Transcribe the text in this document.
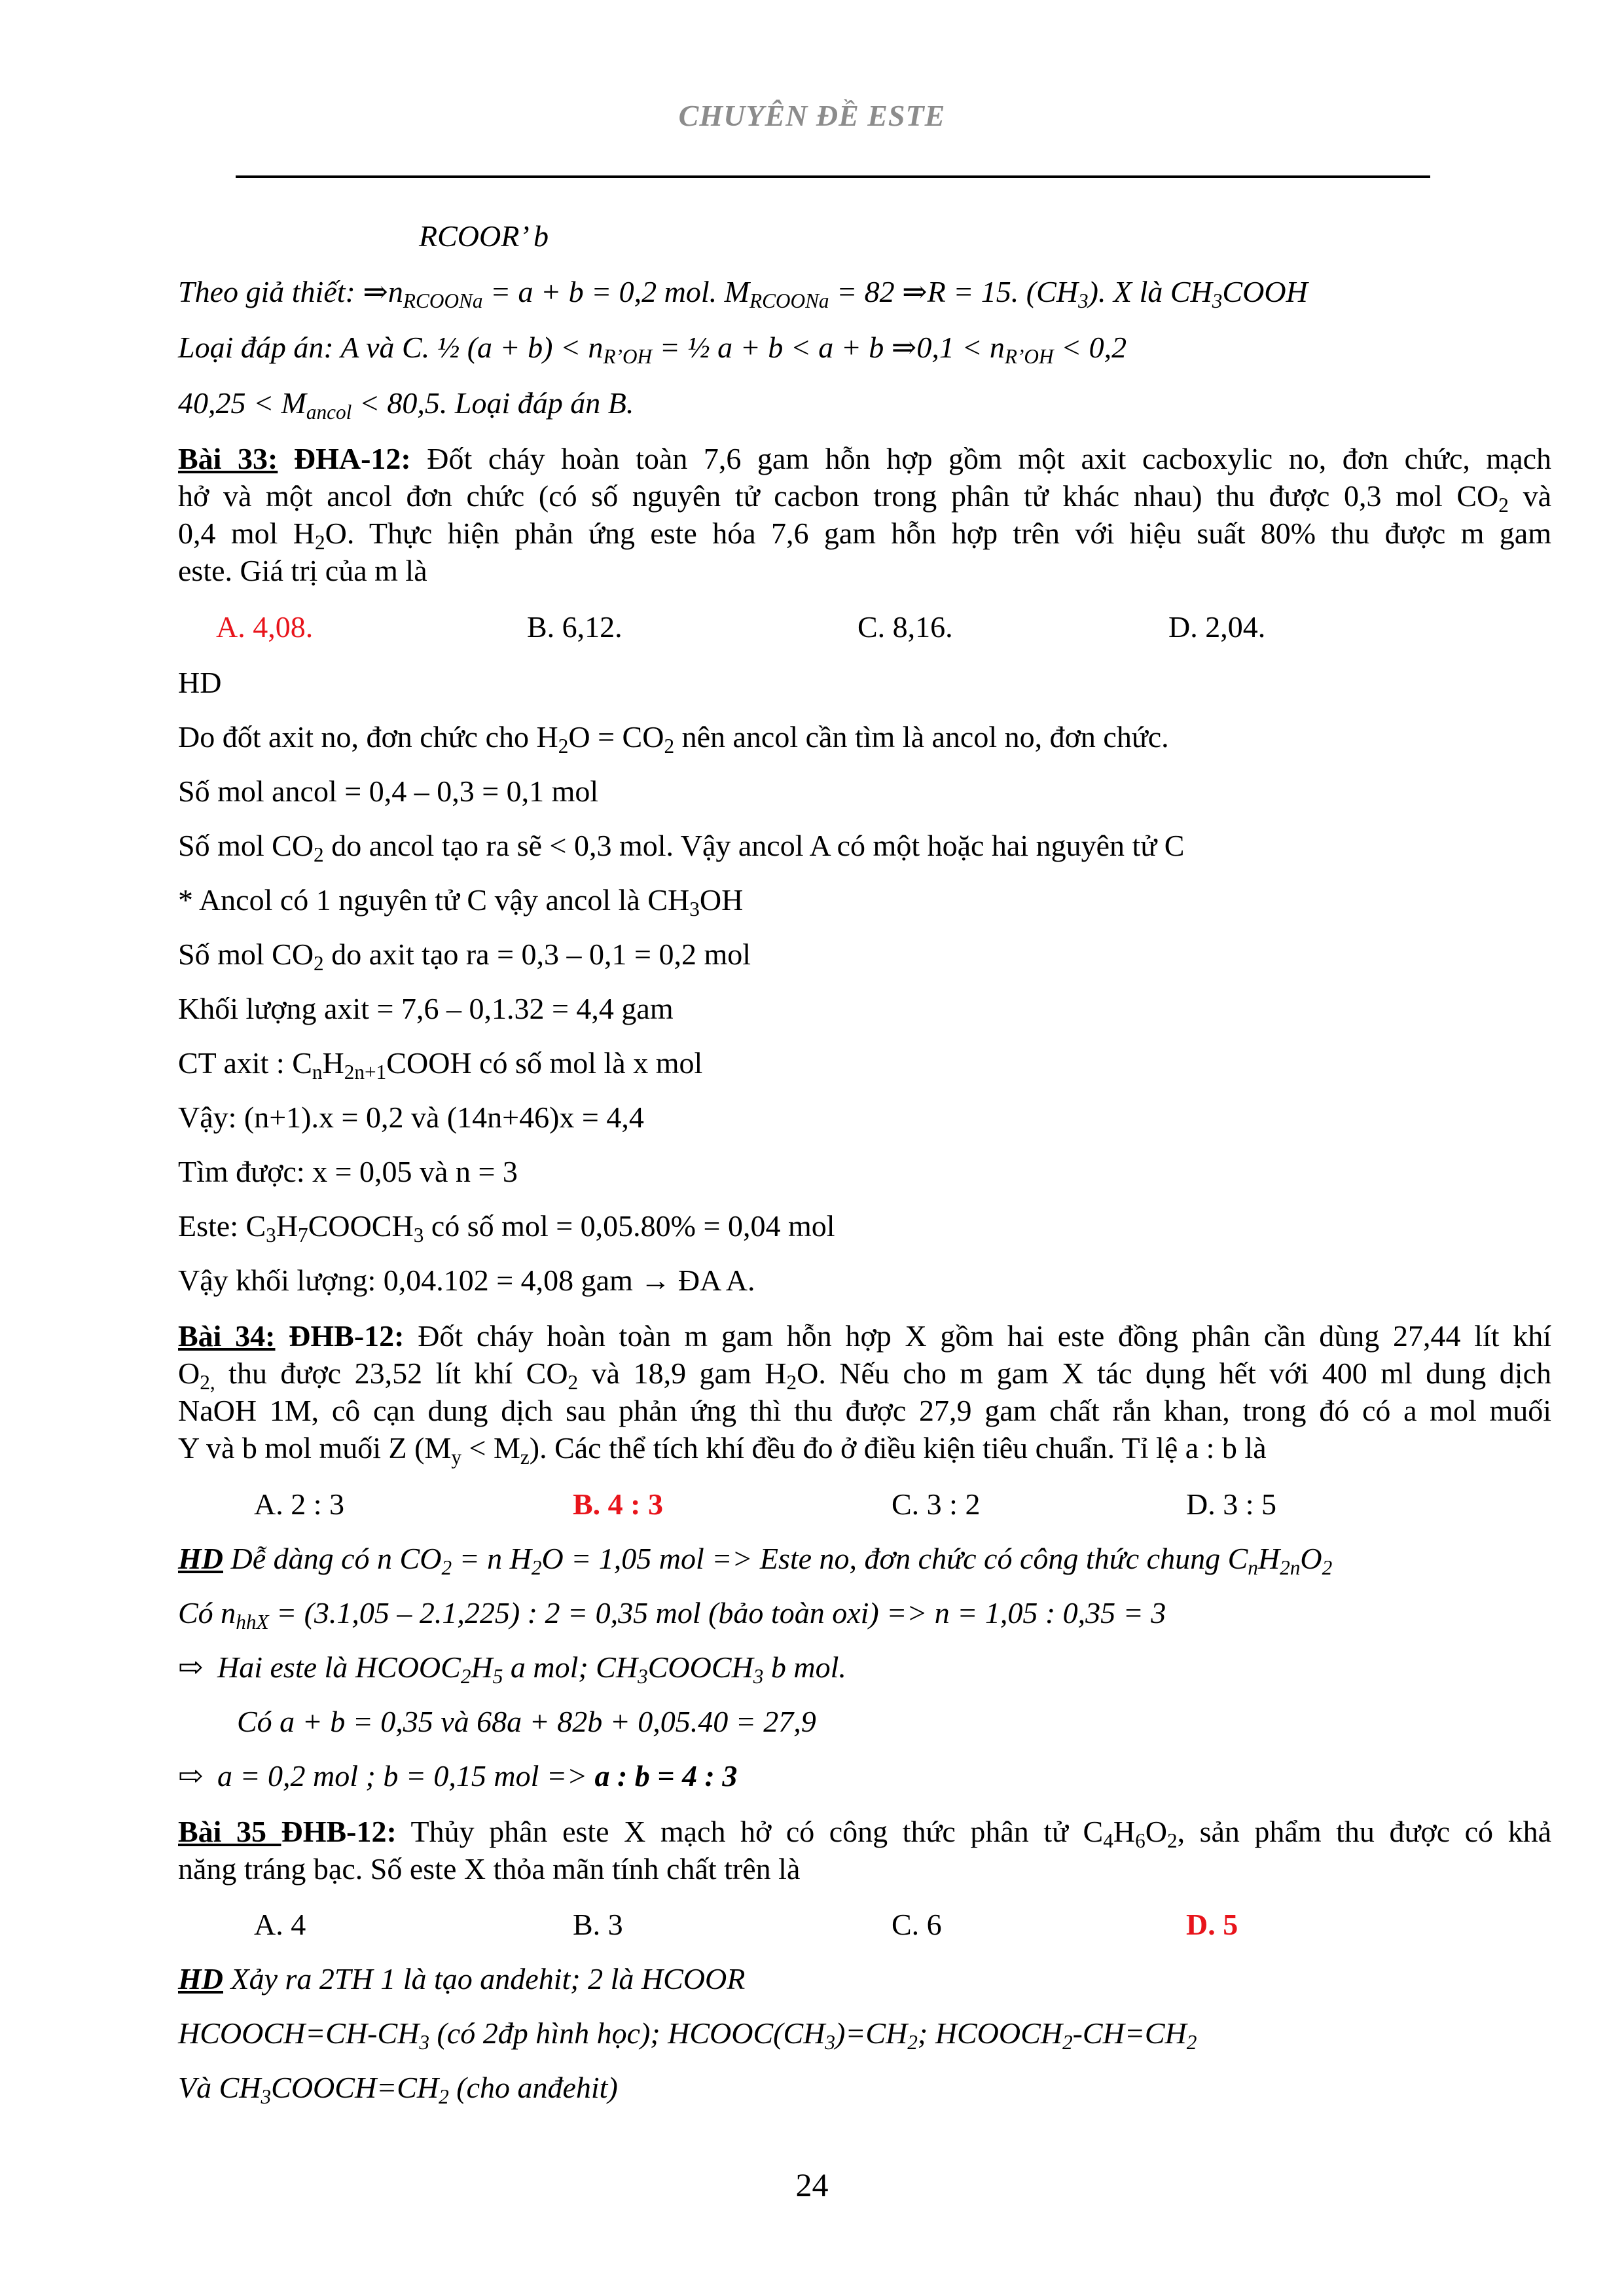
CHUYÊN ĐỀ ESTE
RCOOR’ b
Theo giả thiết: $\Rightarrow n_{RCOONa} = a + b = 0,2$ mol. $M_{RCOONa} = 82$ ⇒R = 15. $(CH_3)$. X là $CH_3COOH$
Loại đáp án: A và C. ½ $(a + b) < n_{R’OH}$ = ½ a + b < a + b ⇒0,1 < $n_{R’OH} < 0,2$
$40,25 < M_{ancol} < 80,5$. Loại đáp án B.
Bài 33: ĐHA-12: Đốt cháy hoàn toàn 7,6 gam hỗn hợp gồm một axit cacboxylic no, đơn chức, mạch
hở và một ancol đơn chức (có số nguyên tử cacbon trong phân tử khác nhau) thu được 0,3 mol $CO_2$ và
0,4 mol $H_2O$. Thực hiện phản ứng este hóa 7,6 gam hỗn hợp trên với hiệu suất 80% thu được m gam
este. Giá trị của m là
A. 4,08.	B. 6,12.	C. 8,16.	D. 2,04.
HD
Do đốt axit no, đơn chức cho $H_2O = CO_2$ nên ancol cần tìm là ancol no, đơn chức.
Số mol ancol = 0,4 – 0,3 = 0,1 mol
Số mol $CO_2$ do ancol tạo ra sẽ < 0,3 mol. Vậy ancol A có một hoặc hai nguyên tử C
* Ancol có 1 nguyên tử C vậy ancol là $CH_3OH$
Số mol $CO_2$ do axit tạo ra = 0,3 – 0,1 = 0,2 mol
Khối lượng axit = 7,6 – 0,1.32 = 4,4 gam
CT axit : $C_nH_{2n+1}COOH$ có số mol là x mol
Vậy: (n+1).x = 0,2 và (14n+46)x = 4,4
Tìm được: x = 0,05 và n = 3
Este: $C_3H_7COOCH_3$ có số mol = 0,05.80% = 0,04 mol
Vậy khối lượng: 0,04.102 = 4,08 gam → ĐA A.
Bài 34: ĐHB-12: Đốt cháy hoàn toàn m gam hỗn hợp X gồm hai este đồng phân cần dùng 27,44 lít khí
$O_{2,}$ thu được 23,52 lít khí $CO_2$ và 18,9 gam $H_2O$. Nếu cho m gam X tác dụng hết với 400 ml dung dịch
NaOH 1M, cô cạn dung dịch sau phản ứng thì thu được 27,9 gam chất rắn khan, trong đó có a mol muối
Y và b mol muối Z $(M_y < M_z)$. Các thể tích khí đều đo ở điều kiện tiêu chuẩn. Tỉ lệ a : b là
A. 2 : 3	B. 4 : 3	C. 3 : 2	D. 3 : 5
HD Dễ dàng có n $CO_2 = n$ $H_2O = 1,05$ mol => Este no, đơn chức có công thức chung $C_nH_{2n}O_2$
Có $n_{hhX} = (3.1,05 - 2.1,225)$ : 2 = 0,35 mol (bảo toàn oxi) => n = 1,05 : 0,35 = 3
⇨ Hai este là $HCOOC_2H_5$ a mol; $CH_3COOCH_3$ b mol.
Có a + b = 0,35 và 68a + 82b + 0,05.40 = 27,9
⇨ a = 0,2 mol ; b = 0,15 mol => a : b = 4 : 3
Bài 35 ĐHB-12: Thủy phân este X mạch hở có công thức phân tử $C_4H_6O_2$, sản phẩm thu được có khả
năng tráng bạc. Số este X thỏa mãn tính chất trên là
A. 4	B. 3	C. 6	D. 5
HD Xảy ra 2TH 1 là tạo andehit; 2 là HCOOR
$HCOOCH=CH-CH_3$ (có 2đp hình học); $HCOOC(CH_3)=CH_2$; $HCOOCH_2-CH=CH_2$
Và $CH_3COOCH=CH_2$ (cho anđehit)
24
